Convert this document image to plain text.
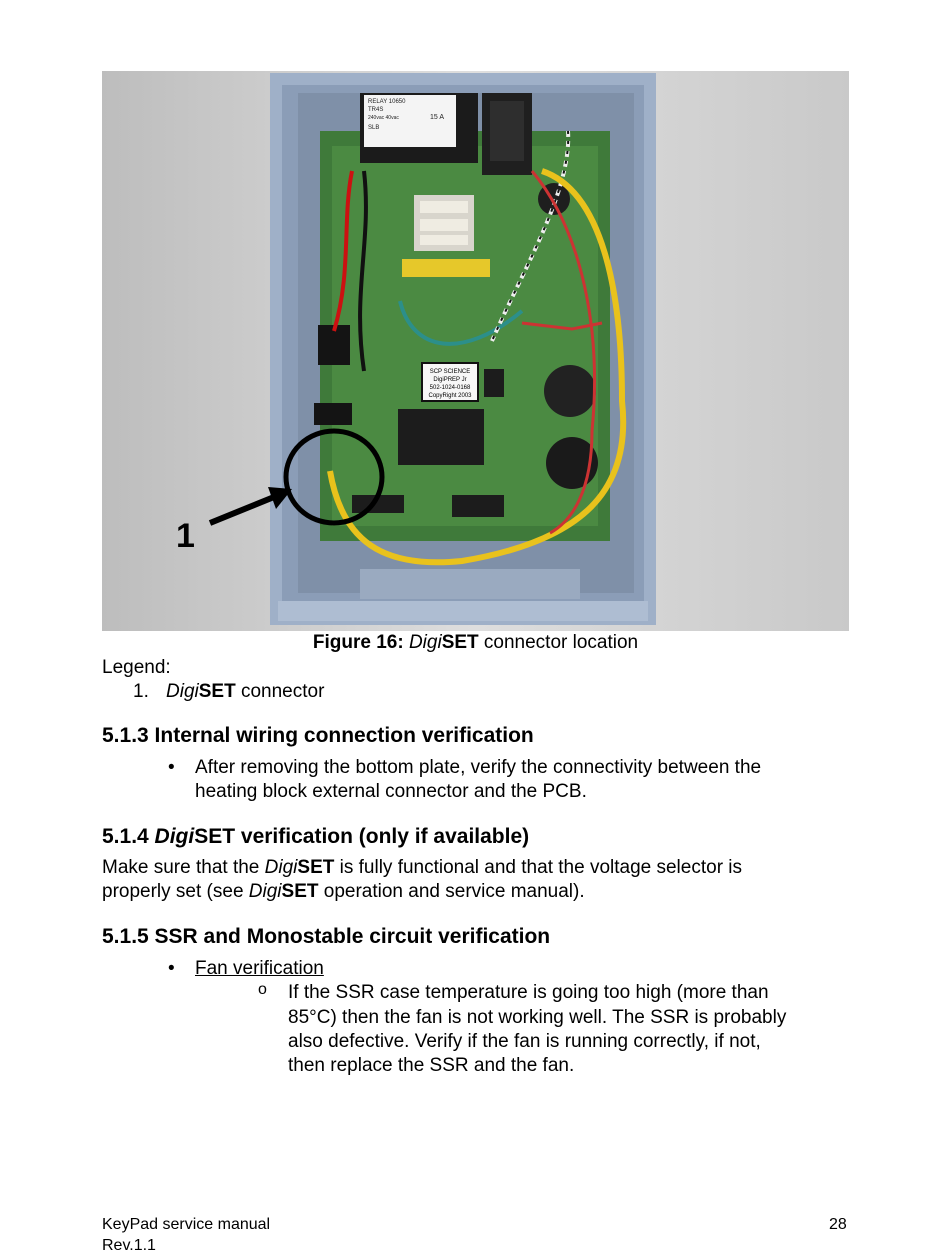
RELAY 10650
TR4S
240vac 40vac	15 A
SLB
SCP SCIENCE
DigiPREP Jr
502-1024-0168
CopyRight 2003
1
Figure 16: DigiSET connector location
Legend:
1. DigiSET connector
5.1.3 Internal wiring connection verification
• After removing the bottom plate, verify the connectivity between the
heating block external connector and the PCB.
5.1.4 DigiSET verification (only if available)
Make sure that the DigiSET is fully functional and that the voltage selector is
properly set (see DigiSET operation and service manual).
5.1.5 SSR and Monostable circuit verification
• Fan verification
o If the SSR case temperature is going too high (more than
85°C) then the fan is not working well. The SSR is probably
also defective. Verify if the fan is running correctly, if not,
then replace the SSR and the fan.
KeyPad service manual
Rev.1.1
28
